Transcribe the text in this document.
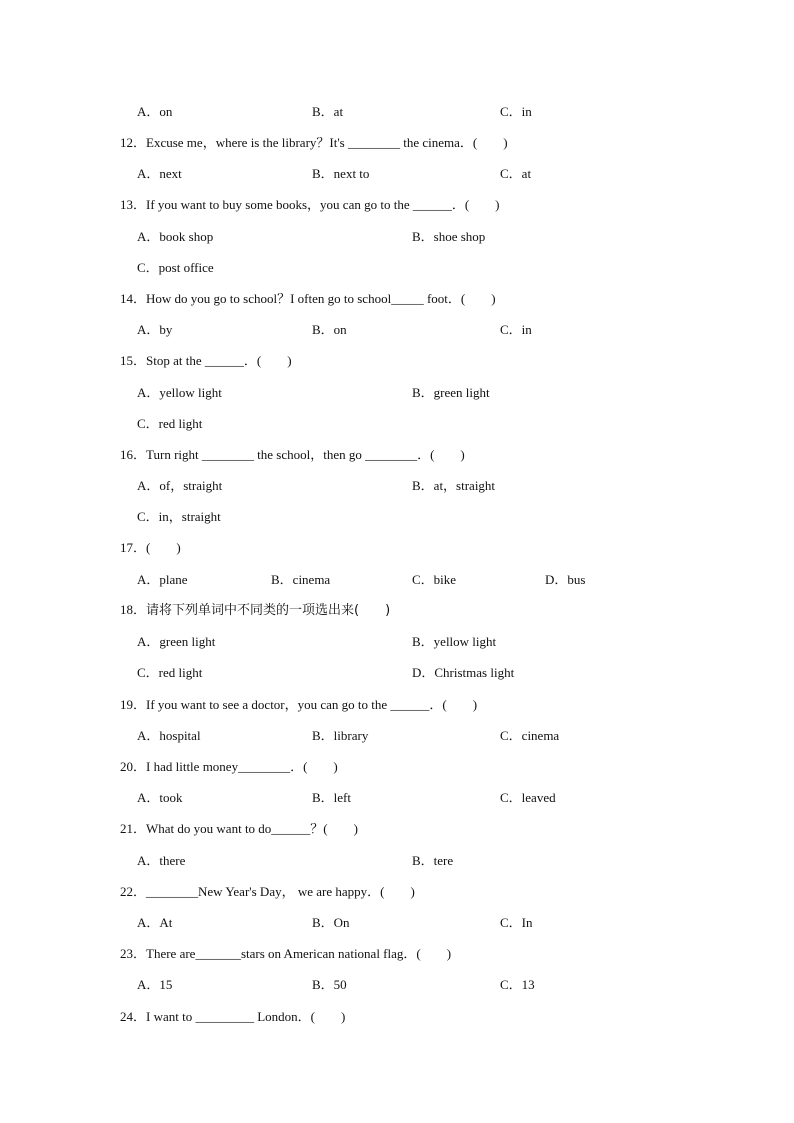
A．on	B．at	C．in
12．Excuse me，where is the library？It's ________ the cinema．(　　)
A．next	B．next to	C．at
13．If you want to buy some books，you can go to the ______．(　　)
A．book shop	B．shoe shop
C．post office
14．How do you go to school？I often go to school_____ foot．(　　)
A．by	B．on	C．in
15．Stop at the ______．(　　)
A．yellow light	B．green light
C．red light
16．Turn right ________ the school，then go ________．(　　)
A．of，straight	B．at，straight
C．in，straight
17．(　　)
A．plane	B．cinema	C．bike	D．bus
18．请将下列单词中不同类的一项选出来(　　)
A．green light	B．yellow light
C．red light	D．Christmas light
19．If you want to see a doctor，you can go to the ______．(　　)
A．hospital	B．library	C．cinema
20．I had little money________．(　　)
A．took	B．left	C．leaved
21．What do you want to do______？(　　)
A．there	B．tere
22．________New Year's Day， we are happy．(　　)
A．At	B．On	C．In
23．There are_______stars on American national flag．(　　)
A．15	B．50	C．13
24．I want to _________ London．(　　)
